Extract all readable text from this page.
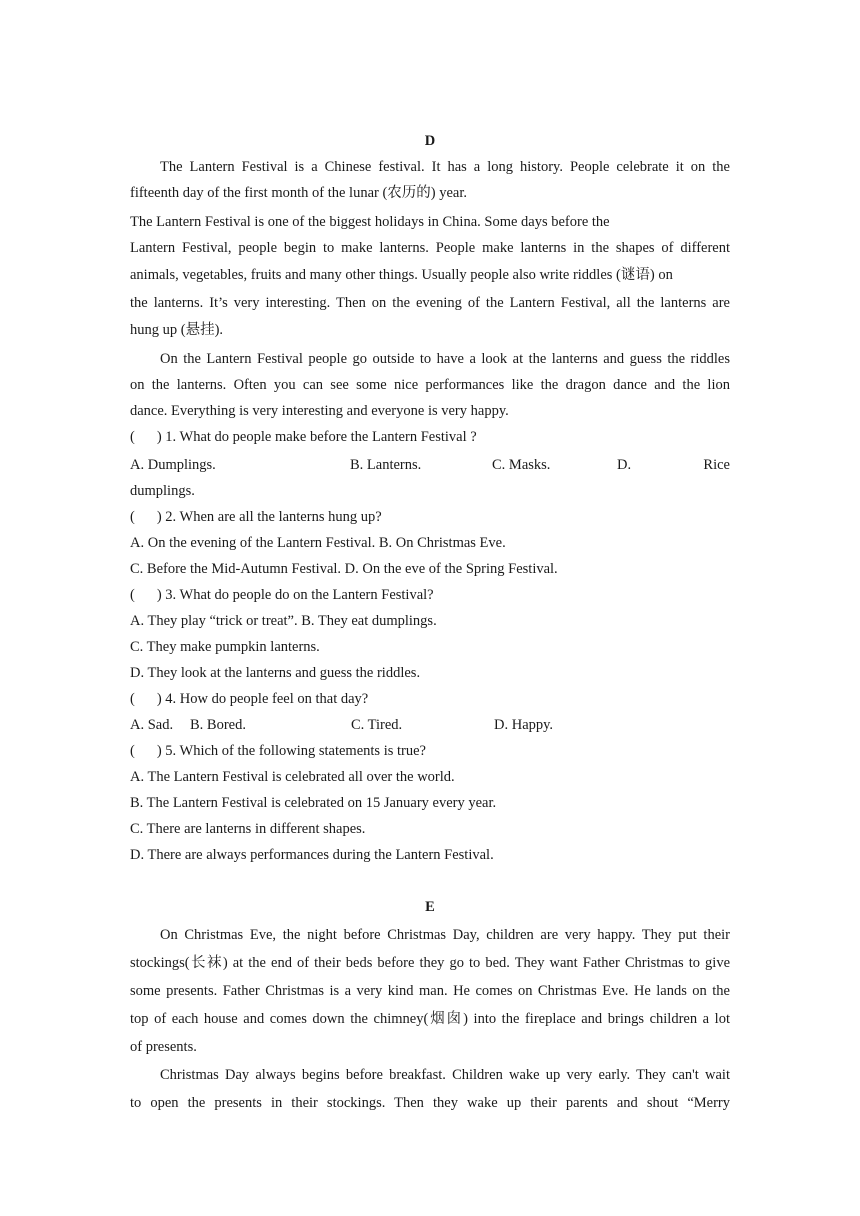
D

The Lantern Festival is a Chinese festival. It has a long history. People celebrate it on the

fifteenth day of the first month of the lunar (农历的) year.

The Lantern Festival is one of the biggest holidays in China. Some days before the

Lantern Festival, people begin to make lanterns. People make lanterns in the shapes of different

animals, vegetables, fruits and many other things. Usually people also write riddles (谜语) on

the lanterns. It’s very interesting. Then on the evening of the Lantern Festival, all the lanterns are

hung up (悬挂).

On the Lantern Festival people go outside to have a look at the lanterns and guess the riddles

on the lanterns. Often you can see some nice performances like the dragon dance and the lion

dance. Everything is very interesting and everyone is very happy.

( ) 1. What do people make before the Lantern Festival ?

A. Dumplings.	B. Lanterns.	C. Masks.	D.	Rice

dumplings.

( ) 2. When are all the lanterns hung up?

A. On the evening of the Lantern Festival. B. On Christmas Eve.

C. Before the Mid-Autumn Festival. D. On the eve of the Spring Festival.

( ) 3. What do people do on the Lantern Festival?

A. They play “trick or treat”. B. They eat dumplings.

C. They make pumpkin lanterns.

D. They look at the lanterns and guess the riddles.

( ) 4. How do people feel on that day?

A. Sad. B. Bored.	C. Tired.	D. Happy.

( ) 5. Which of the following statements is true?

A. The Lantern Festival is celebrated all over the world.

B. The Lantern Festival is celebrated on 15 January every year.

C. There are lanterns in different shapes.

D. There are always performances during the Lantern Festival.

E

On Christmas Eve, the night before Christmas Day, children are very happy. They put their

stockings(长袜) at the end of their beds before they go to bed. They want Father Christmas to give

some presents. Father Christmas is a very kind man. He comes on Christmas Eve. He lands on the

top of each house and comes down the chimney(烟囱) into the fireplace and brings children a lot

of presents.

Christmas Day always begins before breakfast. Children wake up very early. They can't wait

to open the presents in their stockings. Then they wake up their parents and shout “Merry
